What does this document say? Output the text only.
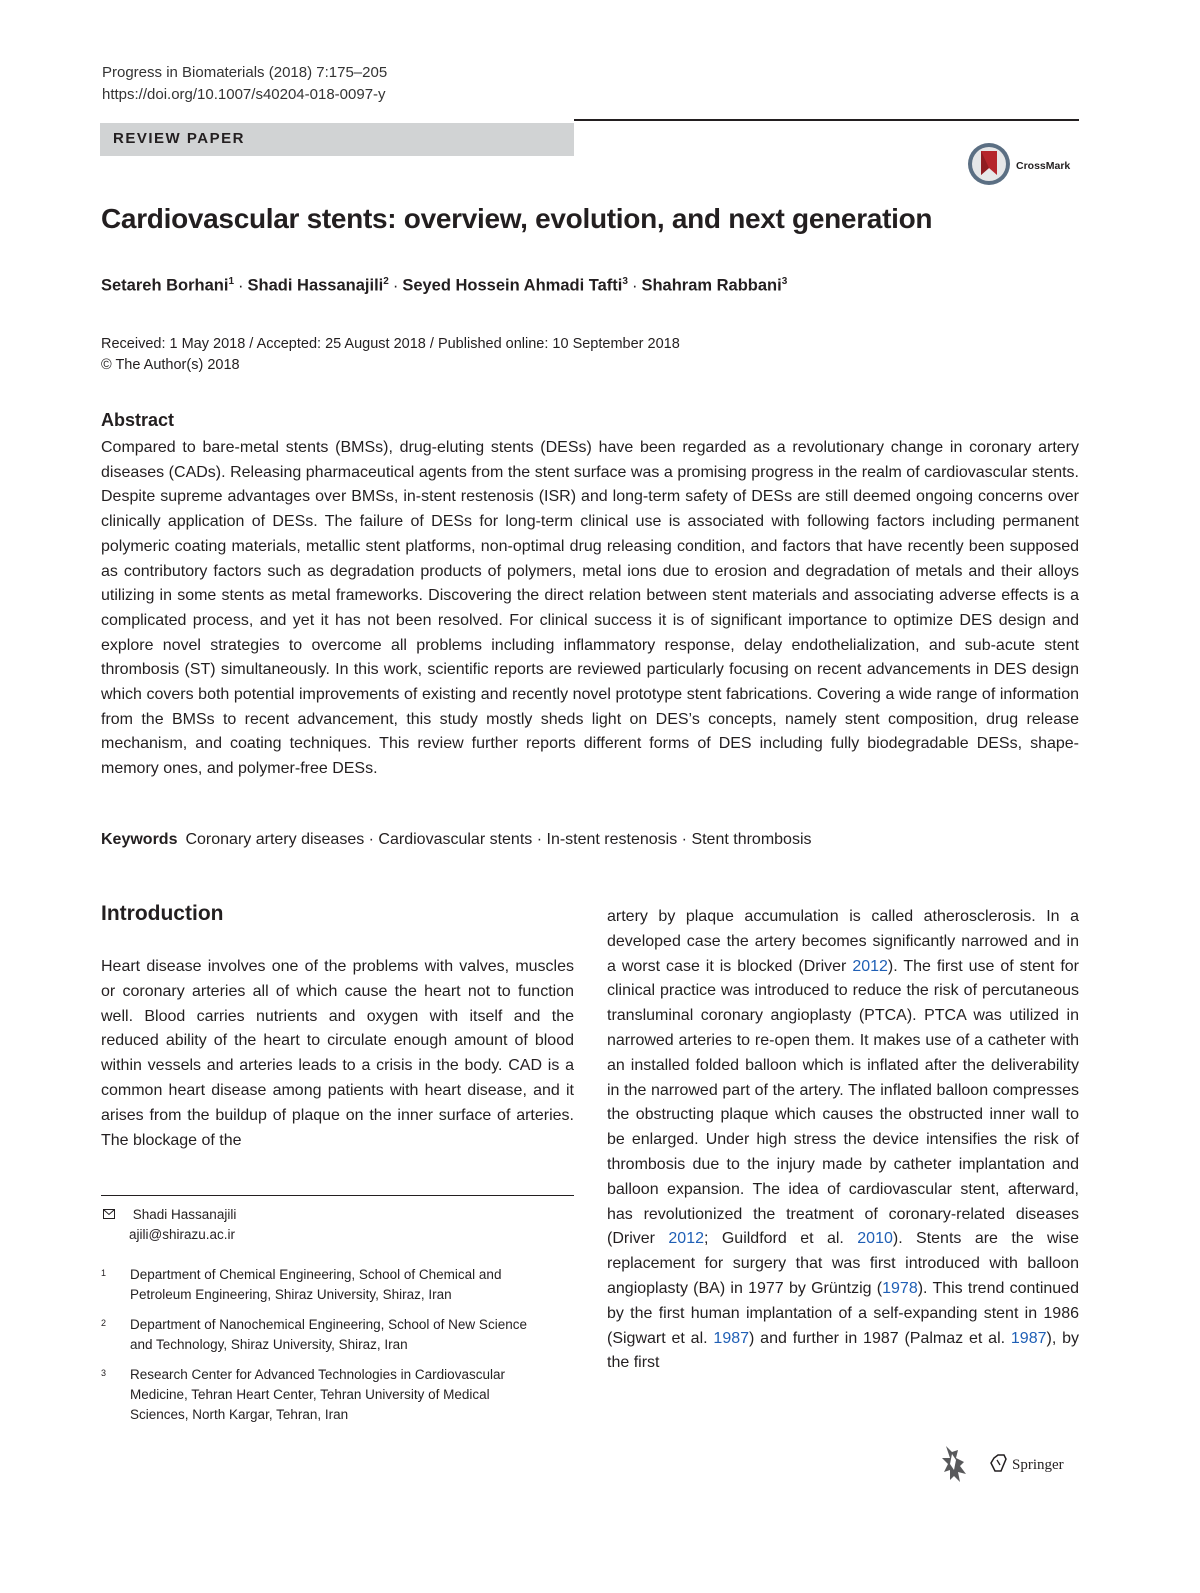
Progress in Biomaterials (2018) 7:175–205
https://doi.org/10.1007/s40204-018-0097-y
REVIEW PAPER
CrossMark
Cardiovascular stents: overview, evolution, and next generation
Setareh Borhani$^1$ · Shadi Hassanajili$^2$ · Seyed Hossein Ahmadi Tafti$^3$ · Shahram Rabbani$^3$
Received: 1 May 2018 / Accepted: 25 August 2018 / Published online: 10 September 2018
© The Author(s) 2018
Abstract
Compared to bare-metal stents (BMSs), drug-eluting stents (DESs) have been regarded as a revolutionary change in coronary artery diseases (CADs). Releasing pharmaceutical agents from the stent surface was a promising progress in the realm of cardiovascular stents. Despite supreme advantages over BMSs, in-stent restenosis (ISR) and long-term safety of DESs are still deemed ongoing concerns over clinically application of DESs. The failure of DESs for long-term clinical use is associated with following factors including permanent polymeric coating materials, metallic stent platforms, non-optimal drug releasing condition, and factors that have recently been supposed as contributory factors such as degradation products of polymers, metal ions due to erosion and degradation of metals and their alloys utilizing in some stents as metal frameworks. Discovering the direct relation between stent materials and associating adverse effects is a complicated process, and yet it has not been resolved. For clinical success it is of significant importance to optimize DES design and explore novel strategies to overcome all problems including inflammatory response, delay endothelialization, and sub-acute stent thrombosis (ST) simultaneously. In this work, scientific reports are reviewed particularly focusing on recent advancements in DES design which covers both potential improvements of existing and recently novel prototype stent fabrications. Covering a wide range of information from the BMSs to recent advancement, this study mostly sheds light on DES’s concepts, namely stent composition, drug release mechanism, and coating techniques. This review further reports different forms of DES including fully biodegradable DESs, shape-memory ones, and polymer-free DESs.
Keywords Coronary artery diseases · Cardiovascular stents · In-stent restenosis · Stent thrombosis
Introduction
Heart disease involves one of the problems with valves, muscles or coronary arteries all of which cause the heart not to function well. Blood carries nutrients and oxygen with itself and the reduced ability of the heart to circulate enough amount of blood within vessels and arteries leads to a crisis in the body. CAD is a common heart disease among patients with heart disease, and it arises from the buildup of plaque on the inner surface of arteries. The blockage of the
artery by plaque accumulation is called atherosclerosis. In a developed case the artery becomes significantly narrowed and in a worst case it is blocked (Driver 2012). The first use of stent for clinical practice was introduced to reduce the risk of percutaneous transluminal coronary angioplasty (PTCA). PTCA was utilized in narrowed arteries to re-open them. It makes use of a catheter with an installed folded balloon which is inflated after the deliverability in the narrowed part of the artery. The inflated balloon compresses the obstructing plaque which causes the obstructed inner wall to be enlarged. Under high stress the device intensifies the risk of thrombosis due to the injury made by catheter implantation and balloon expansion. The idea of cardiovascular stent, afterward, has revolutionized the treatment of coronary-related diseases (Driver 2012; Guildford et al. 2010). Stents are the wise replacement for surgery that was first introduced with balloon angioplasty (BA) in 1977 by Grüntzig (1978). This trend continued by the first human implantation of a self-expanding stent in 1986 (Sigwart et al. 1987) and further in 1987 (Palmaz et al. 1987), by the first
Shadi Hassanajili
ajili@shirazu.ac.ir
1 Department of Chemical Engineering, School of Chemical and Petroleum Engineering, Shiraz University, Shiraz, Iran
2 Department of Nanochemical Engineering, School of New Science and Technology, Shiraz University, Shiraz, Iran
3 Research Center for Advanced Technologies in Cardiovascular Medicine, Tehran Heart Center, Tehran University of Medical Sciences, North Kargar, Tehran, Iran
Springer
